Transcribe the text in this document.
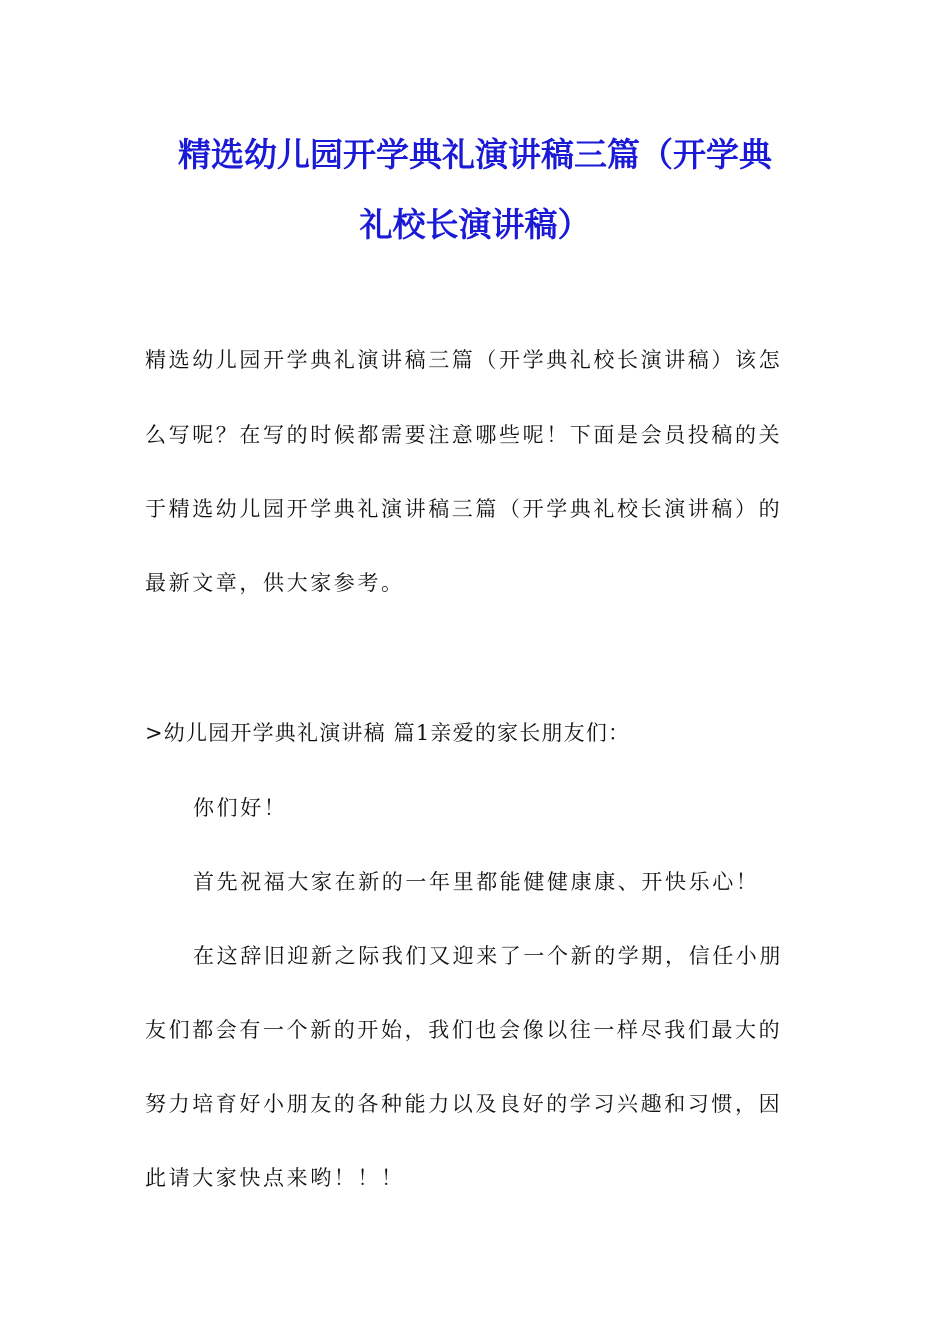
精选幼儿园开学典礼演讲稿三篇（开学典
礼校长演讲稿）
精选幼儿园开学典礼演讲稿三篇（开学典礼校长演讲稿）该怎
么写呢？在写的时候都需要注意哪些呢！下面是会员投稿的关
于精选幼儿园开学典礼演讲稿三篇（开学典礼校长演讲稿）的
最新文章，供大家参考。
>幼儿园开学典礼演讲稿 篇1亲爱的家长朋友们：
你们好！
首先祝福大家在新的一年里都能健健康康、开快乐心！
在这辞旧迎新之际我们又迎来了一个新的学期，信任小朋
友们都会有一个新的开始，我们也会像以往一样尽我们最大的
努力培育好小朋友的各种能力以及良好的学习兴趣和习惯，因
此请大家快点来哟！！！
